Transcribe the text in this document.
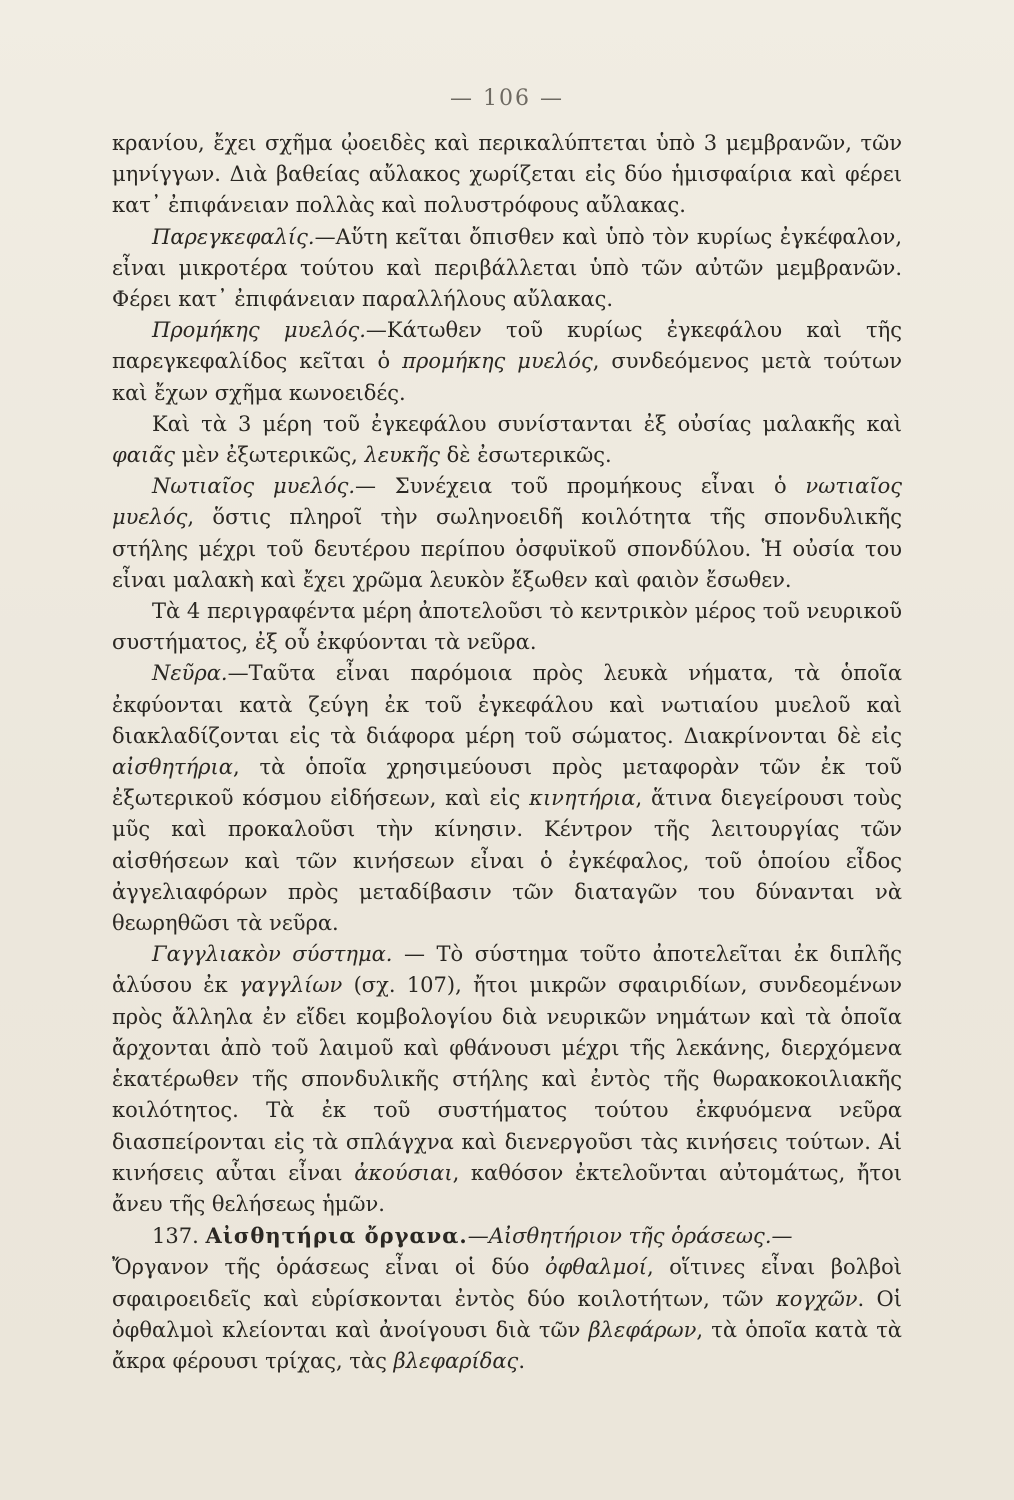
— 106 —

κρανίου, ἔχει σχῆμα ᾠοειδὲς καὶ περικαλύπτεται ὑπὸ 3 μεμβρανῶν, τῶν μηνίγγων. Διὰ βαθείας αὔλακος χωρίζεται εἰς δύο ἡμισφαίρια καὶ φέρει κατ᾽ ἐπιφάνειαν πολλὰς καὶ πολυστρόφους αὔλακας.

Παρεγκεφαλίς.—Αὕτη κεῖται ὄπισθεν καὶ ὑπὸ τὸν κυρίως ἐγκέφαλον, εἶναι μικροτέρα τούτου καὶ περιβάλλεται ὑπὸ τῶν αὐτῶν μεμβρανῶν. Φέρει κατ᾽ ἐπιφάνειαν παραλλήλους αὔλακας.

Προμήκης μυελός.—Κάτωθεν τοῦ κυρίως ἐγκεφάλου καὶ τῆς παρεγκεφαλίδος κεῖται ὁ προμήκης μυελός, συνδεόμενος μετὰ τούτων καὶ ἔχων σχῆμα κωνοειδές.

Καὶ τὰ 3 μέρη τοῦ ἐγκεφάλου συνίστανται ἐξ οὐσίας μαλακῆς καὶ φαιᾶς μὲν ἐξωτερικῶς, λευκῆς δὲ ἐσωτερικῶς.

Νωτιαῖος μυελός.— Συνέχεια τοῦ προμήκους εἶναι ὁ νωτιαῖος μυελός, ὅστις πληροῖ τὴν σωληνοειδῆ κοιλότητα τῆς σπονδυλικῆς στήλης μέχρι τοῦ δευτέρου περίπου ὀσφυϊκοῦ σπονδύλου. Ἡ οὐσία του εἶναι μαλακὴ καὶ ἔχει χρῶμα λευκὸν ἔξωθεν καὶ φαιὸν ἔσωθεν.

Τὰ 4 περιγραφέντα μέρη ἀποτελοῦσι τὸ κεντρικὸν μέρος τοῦ νευρικοῦ συστήματος, ἐξ οὗ ἐκφύονται τὰ νεῦρα.

Νεῦρα.—Ταῦτα εἶναι παρόμοια πρὸς λευκὰ νήματα, τὰ ὁποῖα ἐκφύονται κατὰ ζεύγη ἐκ τοῦ ἐγκεφάλου καὶ νωτιαίου μυελοῦ καὶ διακλαδίζονται εἰς τὰ διάφορα μέρη τοῦ σώματος. Διακρίνονται δὲ εἰς αἰσθητήρια, τὰ ὁποῖα χρησιμεύουσι πρὸς μεταφορὰν τῶν ἐκ τοῦ ἐξωτερικοῦ κόσμου εἰδήσεων, καὶ εἰς κινητήρια, ἅτινα διεγείρουσι τοὺς μῦς καὶ προκαλοῦσι τὴν κίνησιν. Κέντρον τῆς λειτουργίας τῶν αἰσθήσεων καὶ τῶν κινήσεων εἶναι ὁ ἐγκέφαλος, τοῦ ὁποίου εἶδος ἀγγελιαφόρων πρὸς μεταδίβασιν τῶν διαταγῶν του δύνανται νὰ θεωρηθῶσι τὰ νεῦρα.

Γαγγλιακὸν σύστημα. — Τὸ σύστημα τοῦτο ἀποτελεῖται ἐκ διπλῆς ἁλύσου ἐκ γαγγλίων (σχ. 107), ἤτοι μικρῶν σφαιριδίων, συνδεομένων πρὸς ἄλληλα ἐν εἴδει κομβολογίου διὰ νευρικῶν νημάτων καὶ τὰ ὁποῖα ἄρχονται ἀπὸ τοῦ λαιμοῦ καὶ φθάνουσι μέχρι τῆς λεκάνης, διερχόμενα ἑκατέρωθεν τῆς σπονδυλικῆς στήλης καὶ ἐντὸς τῆς θωρακοκοιλιακῆς κοιλότητος. Τὰ ἐκ τοῦ συστήματος τούτου ἐκφυόμενα νεῦρα διασπείρονται εἰς τὰ σπλάγχνα καὶ διενεργοῦσι τὰς κινήσεις τούτων. Αἱ κινήσεις αὗται εἶναι ἀκούσιαι, καθόσον ἐκτελοῦνται αὐτομάτως, ἤτοι ἄνευ τῆς θελήσεως ἡμῶν.

137. Αἰσθητήρια ὄργανα.—Αἰσθητήριον τῆς ὁράσεως.—

Ὄργανον τῆς ὁράσεως εἶναι οἱ δύο ὀφθαλμοί, οἵτινες εἶναι βολβοὶ σφαιροειδεῖς καὶ εὑρίσκονται ἐντὸς δύο κοιλοτήτων, τῶν κογχῶν. Οἱ ὀφθαλμοὶ κλείονται καὶ ἀνοίγουσι διὰ τῶν βλεφάρων, τὰ ὁποῖα κατὰ τὰ ἄκρα φέρουσι τρίχας, τὰς βλεφαρίδας.
